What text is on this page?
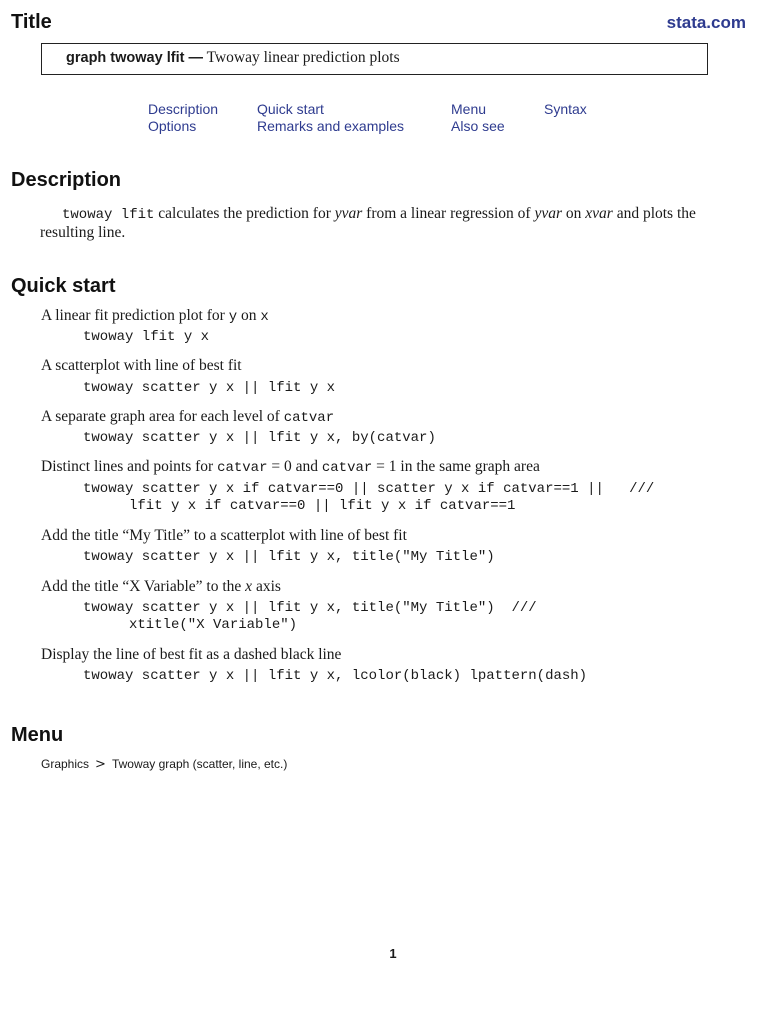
Title	stata.com
graph twoway lfit — Twoway linear prediction plots
Description	Quick start	Menu	Syntax
Options	Remarks and examples	Also see
Description
twoway lfit calculates the prediction for yvar from a linear regression of yvar on xvar and plots the resulting line.
Quick start
A linear fit prediction plot for y on x
twoway lfit y x
A scatterplot with line of best fit
twoway scatter y x || lfit y x
A separate graph area for each level of catvar
twoway scatter y x || lfit y x, by(catvar)
Distinct lines and points for catvar = 0 and catvar = 1 in the same graph area
twoway scatter y x if catvar==0 || scatter y x if catvar==1 ||   ///
lfit y x if catvar==0 || lfit y x if catvar==1
Add the title “My Title” to a scatterplot with line of best fit
twoway scatter y x || lfit y x, title("My Title")
Add the title “X Variable” to the x axis
twoway scatter y x || lfit y x, title("My Title")  ///
xtitle("X Variable")
Display the line of best fit as a dashed black line
twoway scatter y x || lfit y x, lcolor(black) lpattern(dash)
Menu
Graphics > Twoway graph (scatter, line, etc.)
1
